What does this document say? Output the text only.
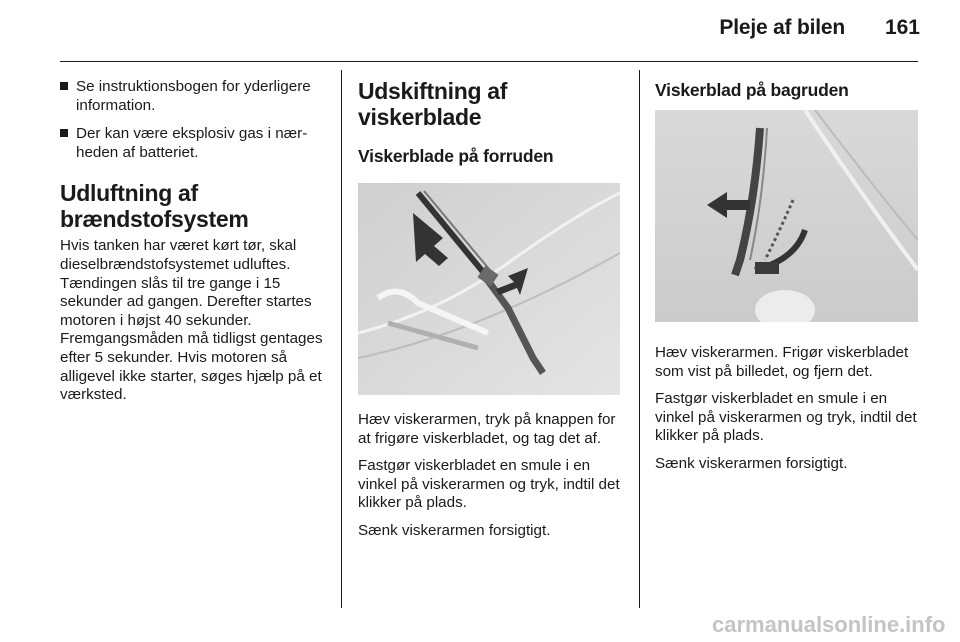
Pleje af bilen 161
Se instruktionsbogen for yderligere information.
Der kan være eksplosiv gas i nærheden af batteriet.
Udluftning af brændstofsystem

Hvis tanken har været kørt tør, skal dieselbrændstofsystemet udluftes. Tændingen slås til tre gange i 15 sekunder ad gangen. Derefter startes motoren i højst 40 sekunder. Fremgangsmåden må tidligst gentages efter 5 sekunder. Hvis motoren så alligevel ikke starter, søges hjælp på et værksted.

Udskiftning af viskerblade
Viskerblade på forruden

Hæv viskerarmen, tryk på knappen for at frigøre viskerbladet, og tag det af.

Fastgør viskerbladet en smule i en vinkel på viskerarmen og tryk, indtil det klikker på plads.

Sænk viskerarmen forsigtigt.

Viskerblad på bagruden

Hæv viskerarmen. Frigør viskerbladet som vist på billedet, og fjern det.

Fastgør viskerbladet en smule i en vinkel på viskerarmen og tryk, indtil det klikker på plads.

Sænk viskerarmen forsigtigt.

carmanualsonline.info
